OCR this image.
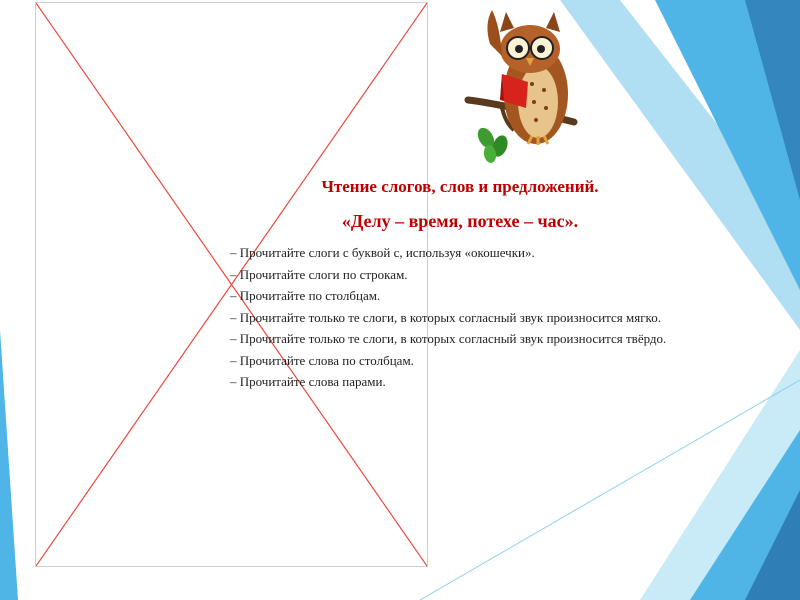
Чтение слогов, слов и предложений.
«Делу – время, потехе – час».

– Прочитайте слоги с буквой с, используя «окошечки».

– Прочитайте слоги по строкам.

– Прочитайте по столбцам.

– Прочитайте только те слоги, в которых согласный звук произносится мягко.

– Прочитайте только те слоги, в которых согласный звук произносится твёрдо.

– Прочитайте слова по столбцам.

– Прочитайте слова парами.
